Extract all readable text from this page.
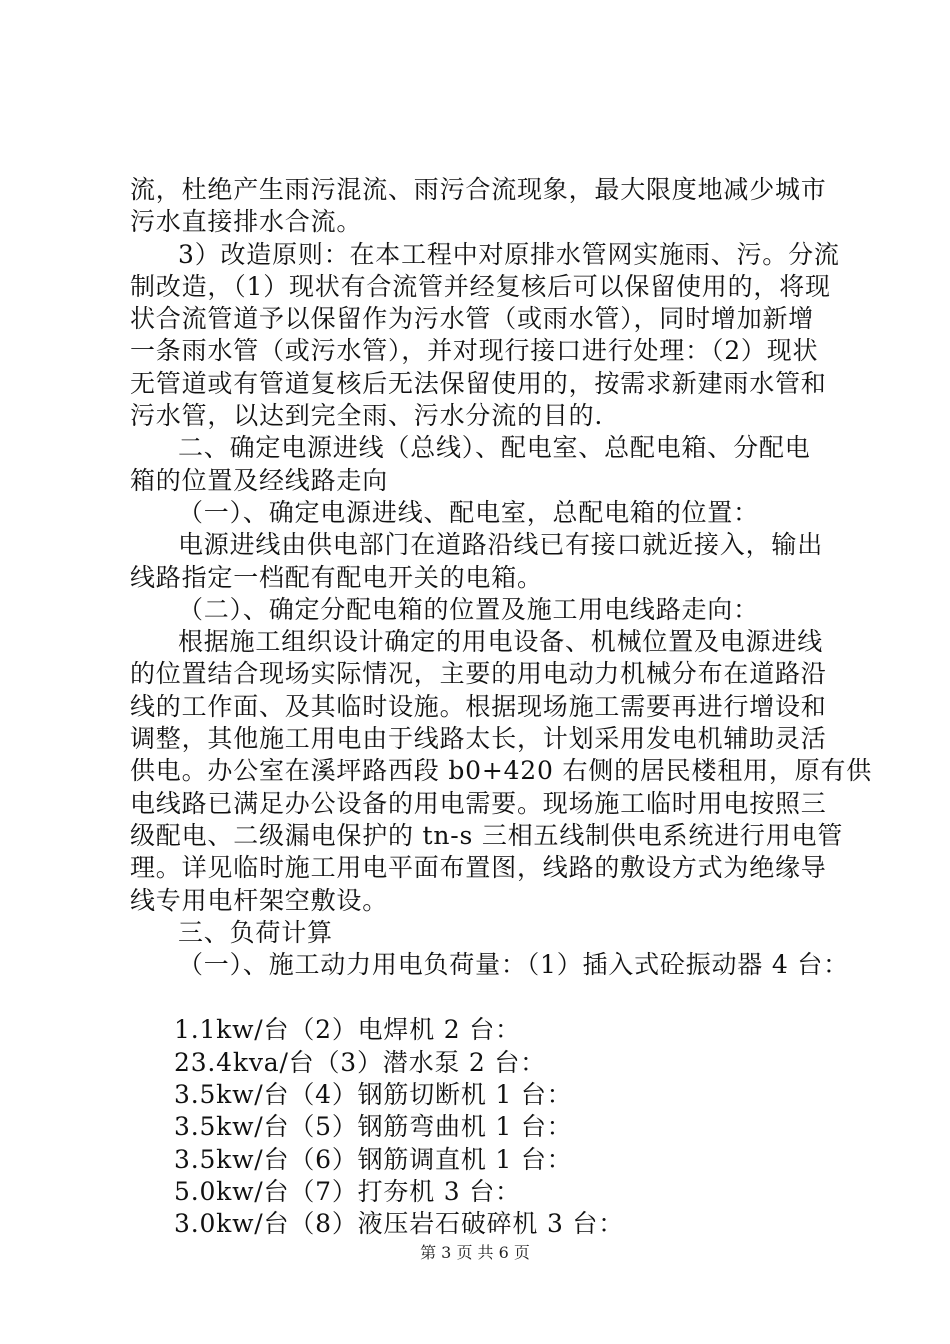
流，杜绝产生雨污混流、雨污合流现象，最大限度地减少城市
污水直接排水合流。
3）改造原则：在本工程中对原排水管网实施雨、污。分流
制改造，（1）现状有合流管并经复核后可以保留使用的，将现
状合流管道予以保留作为污水管（或雨水管），同时增加新增
一条雨水管（或污水管），并对现行接口进行处理：（2）现状
无管道或有管道复核后无法保留使用的，按需求新建雨水管和
污水管，以达到完全雨、污水分流的目的.
二、确定电源进线（总线）、配电室、总配电箱、分配电
箱的位置及经线路走向
（一）、确定电源进线、配电室，总配电箱的位置：
电源进线由供电部门在道路沿线已有接口就近接入，输出
线路指定一档配有配电开关的电箱。
（二）、确定分配电箱的位置及施工用电线路走向：
根据施工组织设计确定的用电设备、机械位置及电源进线
的位置结合现场实际情况，主要的用电动力机械分布在道路沿
线的工作面、及其临时设施。根据现场施工需要再进行增设和
调整，其他施工用电由于线路太长，计划采用发电机辅助灵活
供电。办公室在溪坪路西段 b0+420 右侧的居民楼租用，原有供
电线路已满足办公设备的用电需要。现场施工临时用电按照三
级配电、二级漏电保护的 tn-s 三相五线制供电系统进行用电管
理。详见临时施工用电平面布置图，线路的敷设方式为绝缘导
线专用电杆架空敷设。
三、负荷计算
（一）、施工动力用电负荷量：（1）插入式砼振动器 4 台：
1.1kw/台（2）电焊机 2 台：
23.4kva/台（3）潜水泵 2 台：
3.5kw/台（4）钢筋切断机 1 台：
3.5kw/台（5）钢筋弯曲机 1 台：
3.5kw/台（6）钢筋调直机 1 台：
5.0kw/台（7）打夯机 3 台：
3.0kw/台（8）液压岩石破碎机 3 台：
第 3 页 共 6 页
